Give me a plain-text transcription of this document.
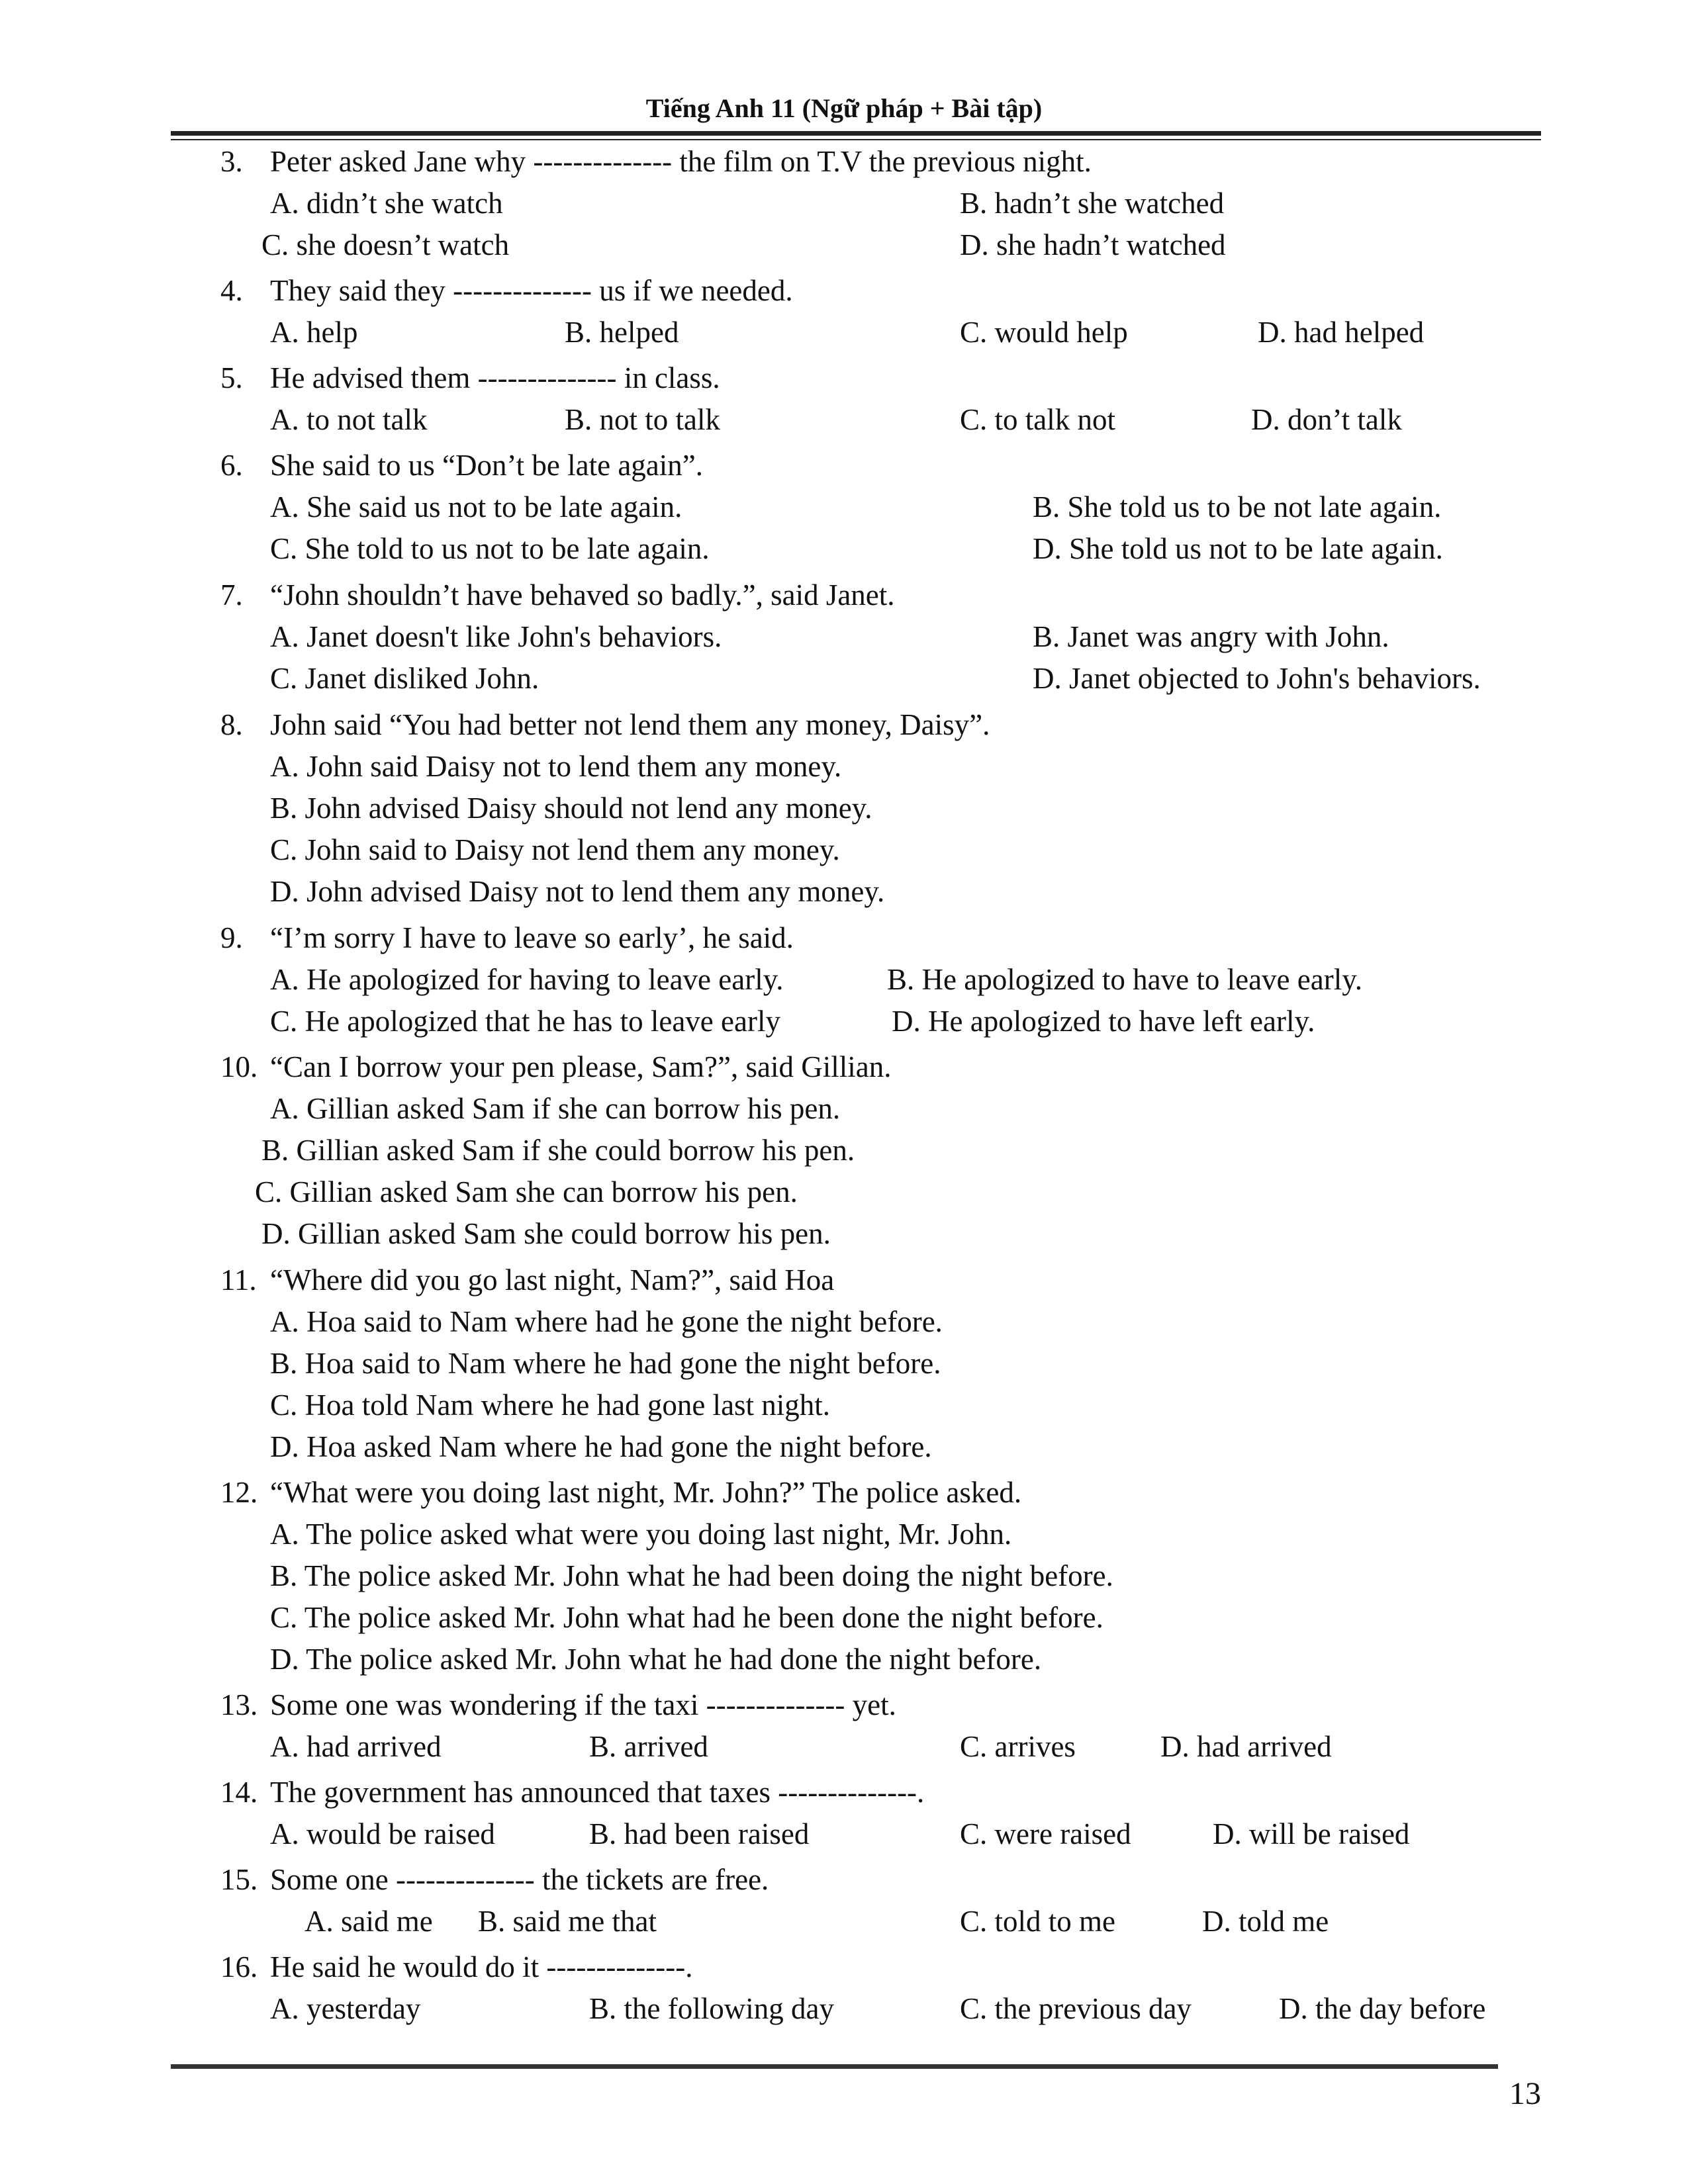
Tiếng Anh 11 (Ngữ pháp + Bài tập)
3. Peter asked Jane why -------------- the film on T.V the previous night.
A. didn’t she watch	B. hadn’t she watched
C. she doesn’t watch	D. she hadn’t watched
4. They said they -------------- us if we needed.
A. help	B. helped	C. would help	D. had helped
5. He advised them -------------- in class.
A. to not talk	B. not to talk	C. to talk not	D. don’t talk
6. She said to us “Don’t be late again”.
A. She said us not to be late again.	B. She told us to be not late again.
C. She told to us not to be late again.	D. She told us not to be late again.
7. “John shouldn’t have behaved so badly.”, said Janet.
A. Janet doesn't like John's behaviors.	B. Janet was angry with John.
C. Janet disliked John.	D. Janet objected to John's behaviors.
8. John said “You had better not lend them any money, Daisy”.
A. John said Daisy not to lend them any money.
B. John advised Daisy should not lend any money.
C. John said to Daisy not lend them any money.
D. John advised Daisy not to lend them any money.
9. “I’m sorry I have to leave so early’, he said.
A. He apologized for having to leave early.	B. He apologized to have to leave early.
C. He apologized that he has to leave early	D. He apologized to have left early.
10. “Can I borrow your pen please, Sam?”, said Gillian.
A. Gillian asked Sam if she can borrow his pen.
B. Gillian asked Sam if she could borrow his pen.
C. Gillian asked Sam she can borrow his pen.
D. Gillian asked Sam she could borrow his pen.
11. “Where did you go last night, Nam?”, said Hoa
A. Hoa said to Nam where had he gone the night before.
B. Hoa said to Nam where he had gone the night before.
C. Hoa told Nam where he had gone last night.
D. Hoa asked Nam where he had gone the night before.
12. “What were you doing last night, Mr. John?” The police asked.
A. The police asked what were you doing last night, Mr. John.
B. The police asked Mr. John what he had been doing the night before.
C. The police asked Mr. John what had he been done the night before.
D. The police asked Mr. John what he had done the night before.
13. Some one was wondering if the taxi -------------- yet.
A. had arrived	B. arrived	C. arrives	D. had arrived
14. The government has announced that taxes --------------.
A. would be raised	B. had been raised	C. were raised	D. will be raised
15. Some one -------------- the tickets are free.
A. said me B. said me that	C. told to me	D. told me
16. He said he would do it --------------.
A. yesterday	B. the following day	C. the previous day	D. the day before
13
